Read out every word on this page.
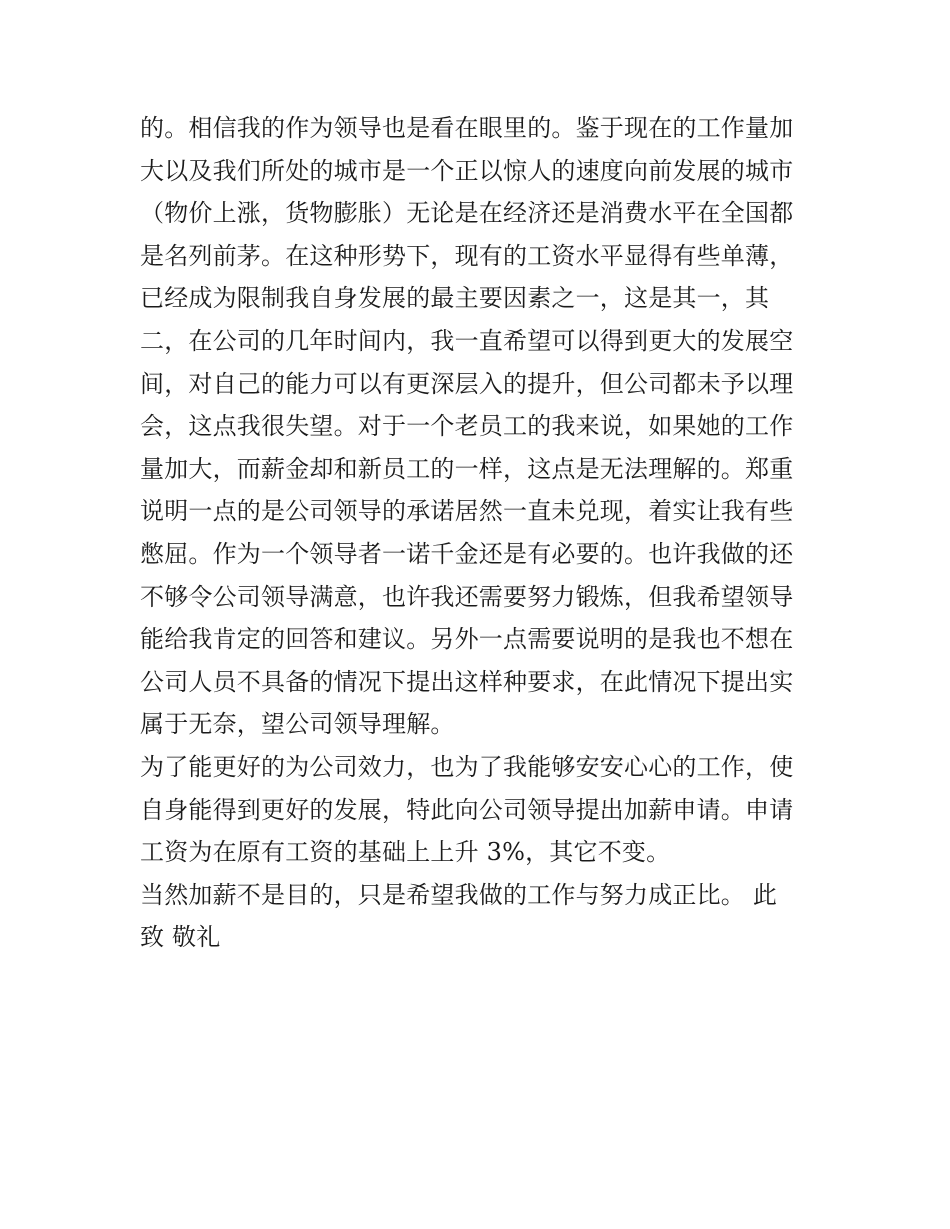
的。相信我的作为领导也是看在眼里的。鉴于现在的工作量加
大以及我们所处的城市是一个正以惊人的速度向前发展的城市
（物价上涨，货物膨胀）无论是在经济还是消费水平在全国都
是名列前茅。在这种形势下，现有的工资水平显得有些单薄，
已经成为限制我自身发展的最主要因素之一，这是其一，其
二，在公司的几年时间内，我一直希望可以得到更大的发展空
间，对自己的能力可以有更深层入的提升，但公司都未予以理
会，这点我很失望。对于一个老员工的我来说，如果她的工作
量加大，而薪金却和新员工的一样，这点是无法理解的。郑重
说明一点的是公司领导的承诺居然一直未兑现，着实让我有些
憋屈。作为一个领导者一诺千金还是有必要的。也许我做的还
不够令公司领导满意，也许我还需要努力锻炼，但我希望领导
能给我肯定的回答和建议。另外一点需要说明的是我也不想在
公司人员不具备的情况下提出这样种要求，在此情况下提出实
属于无奈，望公司领导理解。
为了能更好的为公司效力，也为了我能够安安心心的工作，使
自身能得到更好的发展，特此向公司领导提出加薪申请。申请
工资为在原有工资的基础上上升 3%，其它不变。
当然加薪不是目的，只是希望我做的工作与努力成正比。 此
致 敬礼
